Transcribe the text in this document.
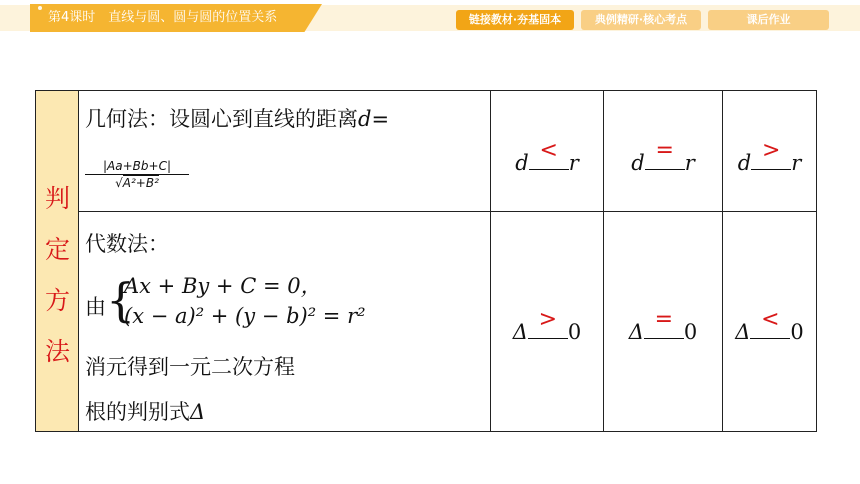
第4课时　直线与圆、圆与圆的位置关系	链接教材·夯基固本	典例精研·核心考点	课后作业
判
定
方
法
几何法：设圆心到直线的距离d=
$\frac{|Aa+Bb+C|}{\text{√A²+B²}}$
代数法：
由 {
Ax + By + C = 0，
(x − a)² + (y − b)² = r²
消元得到一元二次方程
根的判别式Δ
d < r	d = r	d > r
Δ > 0	Δ = 0	Δ < 0
